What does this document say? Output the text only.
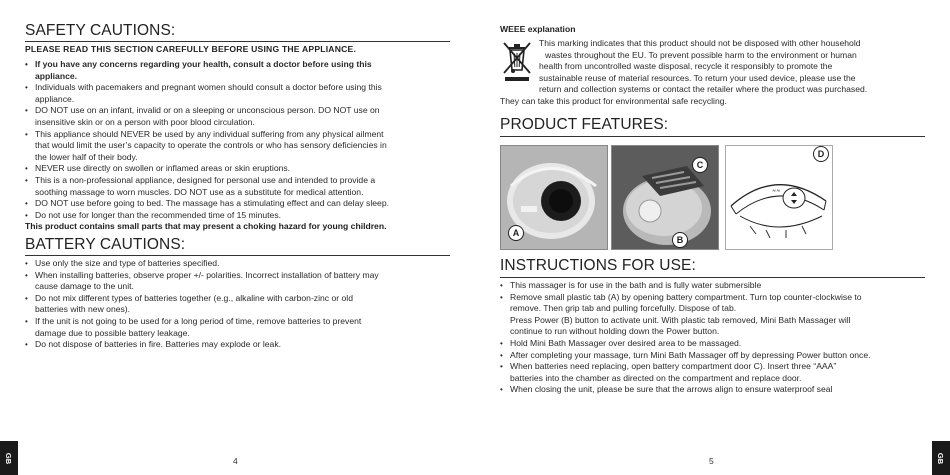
SAFETY CAUTIONS:
PLEASE READ THIS SECTION CAREFULLY BEFORE USING THE APPLIANCE.
• If you have any concerns regarding your health, consult a doctor before using this
appliance.
• Individuals with pacemakers and pregnant women should consult a doctor before using this
appliance.
• DO NOT use on an infant, invalid or on a sleeping or unconscious person. DO NOT use on
insensitive skin or on a person with poor blood circulation.
• This appliance should NEVER be used by any individual suffering from any physical ailment
that would limit the user’s capacity to operate the controls or who has sensory deficiencies in
the lower half of their body.
• NEVER use directly on swollen or inflamed areas or skin eruptions.
• This is a non-professional appliance, designed for personal use and intended to provide a
soothing massage to worn muscles. DO NOT use as a substitute for medical attention.
• DO NOT use before going to bed. The massage has a stimulating effect and can delay sleep.
• Do not use for longer than the recommended time of 15 minutes.
This product contains small parts that may present a choking hazard for young children.
BATTERY CAUTIONS:
• Use only the size and type of batteries specified.
• When installing batteries, observe proper +/- polarities. Incorrect installation of battery may
cause damage to the unit.
• Do not mix different types of batteries together (e.g., alkaline with carbon-zinc or old
batteries with new ones).
• If the unit is not going to be used for a long period of time, remove batteries to prevent
damage due to possible battery leakage.
• Do not dispose of batteries in fire. Batteries may explode or leak.
GB	4
WEEE explanation
This marking indicates that this product should not be disposed with other household
wastes throughout the EU. To prevent possible harm to the environment or human
health from uncontrolled waste disposal, recycle it responsibly to promote the
sustainable reuse of material resources. To return your used device, please use the
return and collection systems or contact the retailer where the product was purchased.
They can take this product for environmental safe recycling.
PRODUCT FEATURES:
A
C
B
≈≈
D
INSTRUCTIONS FOR USE:
• This massager is for use in the bath and is fully water submersible
• Remove small plastic tab (A) by opening battery compartment. Turn top counter-clockwise to
remove. Then grip tab and pulling forcefully. Dispose of tab.
Press Power (B) button to activate unit. With plastic tab removed, Mini Bath Massager will
continue to run without holding down the Power button.
• Hold Mini Bath Massager over desired area to be massaged.
• After completing your massage, turn Mini Bath Massager off by depressing Power button once.
• When batteries need replacing, open battery compartment door C). Insert three “AAA”
batteries into the chamber as directed on the compartment and replace door.
• When closing the unit, please be sure that the arrows align to ensure waterproof seal
5	GB
